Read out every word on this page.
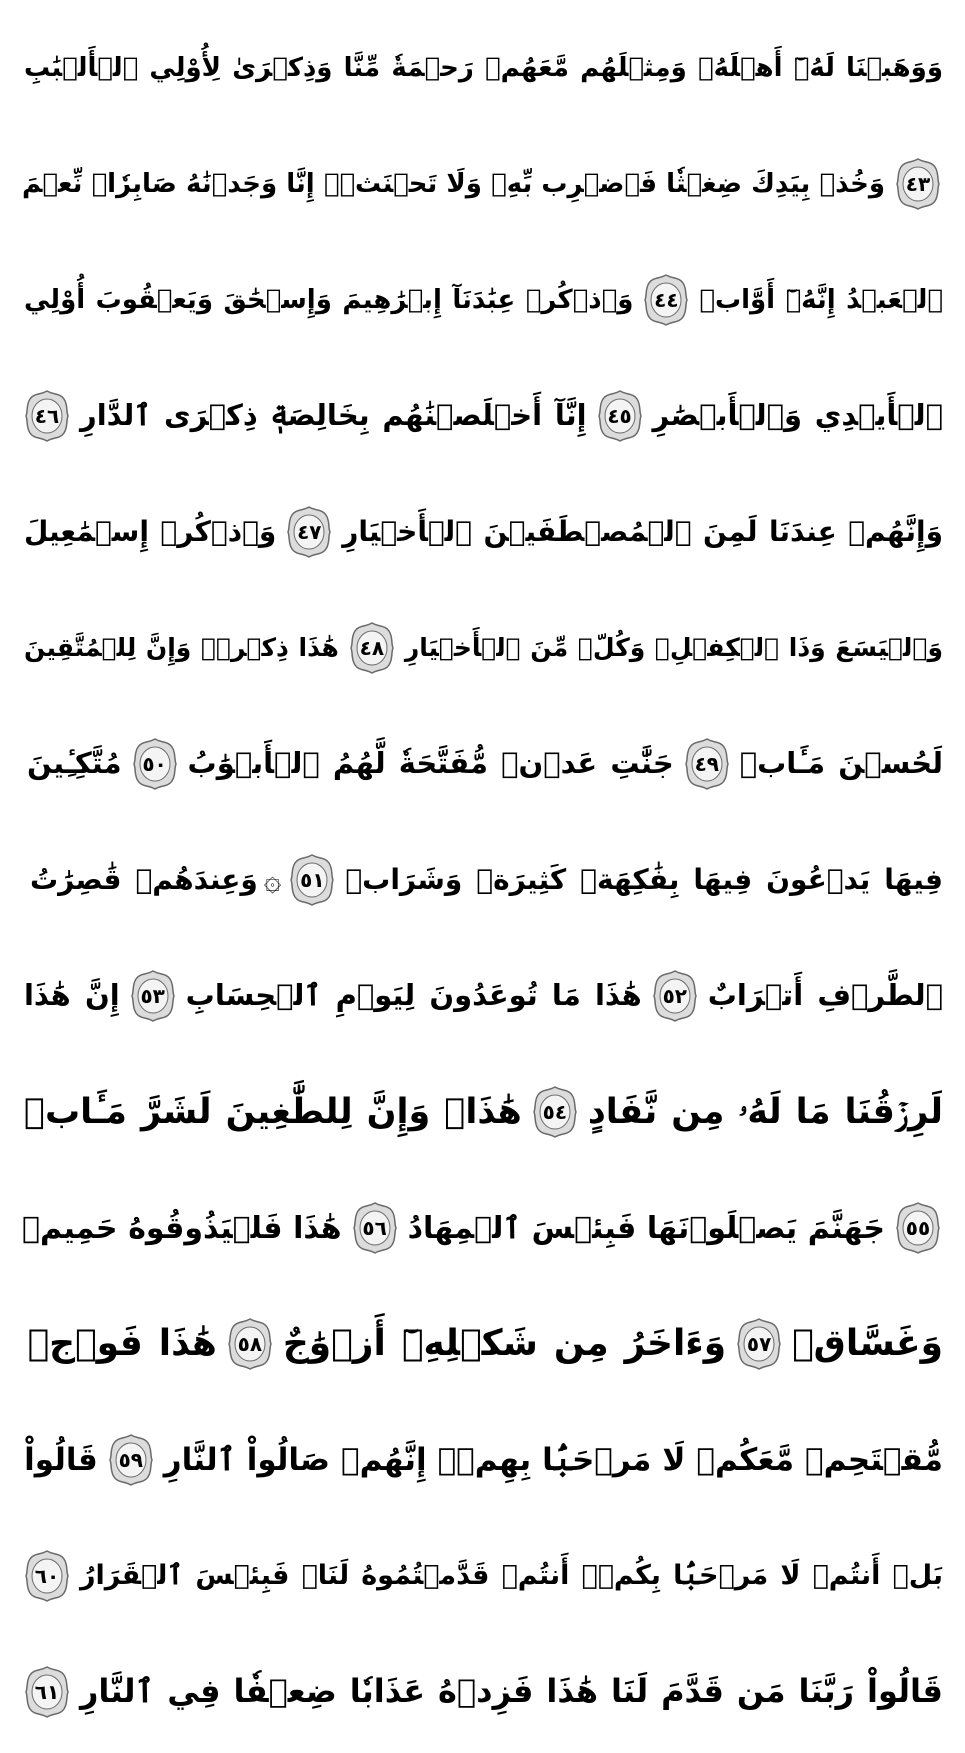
وَوَهَبۡنَا لَهُۥٓ أَهۡلَهُۥ وَمِثۡلَهُم مَّعَهُمۡ رَحۡمَةٗ مِّنَّا وَذِكۡرَىٰ لِأُوْلِي ٱلۡأَلۡبَٰبِ
٤٣
وَخُذۡ بِيَدِكَ ضِغۡثٗا فَٱضۡرِب بِّهِۦ وَلَا تَحۡنَثۡۗ إِنَّا وَجَدۡنَٰهُ صَابِرٗاۚ نِّعۡمَ
ٱلۡعَبۡدُ إِنَّهُۥٓ أَوَّابٞ
٤٤
وَٱذۡكُرۡ عِبَٰدَنَآ إِبۡرَٰهِيمَ وَإِسۡحَٰقَ وَيَعۡقُوبَ أُوْلِي
ٱلۡأَيۡدِي وَٱلۡأَبۡصَٰرِ
٤٥
إِنَّآ أَخۡلَصۡنَٰهُم بِخَالِصَةٖ ذِكۡرَى ٱلدَّارِ
٤٦
وَإِنَّهُمۡ عِندَنَا لَمِنَ ٱلۡمُصۡطَفَيۡنَ ٱلۡأَخۡيَارِ
٤٧
وَٱذۡكُرۡ إِسۡمَٰعِيلَ
وَٱلۡيَسَعَ وَذَا ٱلۡكِفۡلِۖ وَكُلّٞ مِّنَ ٱلۡأَخۡيَارِ
٤٨
هَٰذَا ذِكۡرٞۚ وَإِنَّ لِلۡمُتَّقِينَ
لَحُسۡنَ مَـَٔابٖ
٤٩
جَنَّٰتِ عَدۡنٖ مُّفَتَّحَةٗ لَّهُمُ ٱلۡأَبۡوَٰبُ
٥٠
مُتَّكِـِٔينَ
فِيهَا يَدۡعُونَ فِيهَا بِفَٰكِهَةٖ كَثِيرَةٖ وَشَرَابٖ
٥١
۞
وَعِندَهُمۡ قَٰصِرَٰتُ
ٱلطَّرۡفِ أَتۡرَابٌ
٥٢
هَٰذَا مَا تُوعَدُونَ لِيَوۡمِ ٱلۡحِسَابِ
٥٣
إِنَّ هَٰذَا
لَرِزۡقُنَا مَا لَهُۥ مِن نَّفَادٍ
٥٤
هَٰذَاۚ وَإِنَّ لِلطَّٰغِينَ لَشَرَّ مَـَٔابٖ
٥٥
جَهَنَّمَ يَصۡلَوۡنَهَا فَبِئۡسَ ٱلۡمِهَادُ
٥٦
هَٰذَا فَلۡيَذُوقُوهُ حَمِيمٞ
وَغَسَّاقٞ
٥٧
وَءَاخَرُ مِن شَكۡلِهِۦٓ أَزۡوَٰجٌ
٥٨
هَٰذَا فَوۡجٞ
مُّقۡتَحِمٞ مَّعَكُمۡ لَا مَرۡحَبَۢا بِهِمۡۚ إِنَّهُمۡ صَالُواْ ٱلنَّارِ
٥٩
قَالُواْ
بَلۡ أَنتُمۡ لَا مَرۡحَبَۢا بِكُمۡۖ أَنتُمۡ قَدَّمۡتُمُوهُ لَنَاۖ فَبِئۡسَ ٱلۡقَرَارُ
٦٠
قَالُواْ رَبَّنَا مَن قَدَّمَ لَنَا هَٰذَا فَزِدۡهُ عَذَابٗا ضِعۡفٗا فِي ٱلنَّارِ
٦١
